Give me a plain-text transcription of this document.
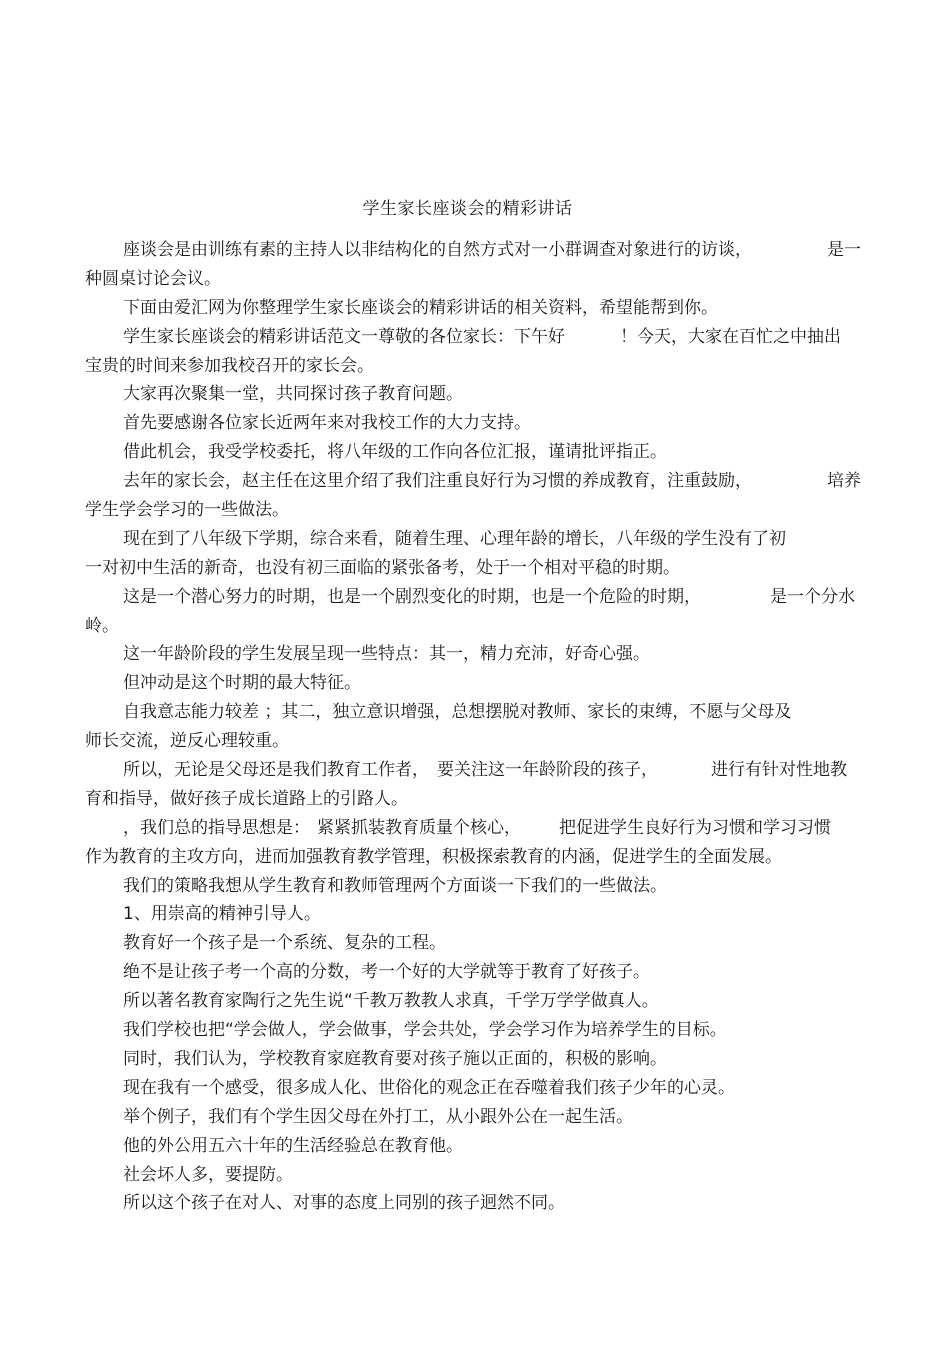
学生家长座谈会的精彩讲话
座谈会是由训练有素的主持人以非结构化的自然方式对一小群调查对象进行的访谈，	是一
种圆桌讨论会议。
下面由爱汇网为你整理学生家长座谈会的精彩讲话的相关资料，希望能帮到你。
学生家长座谈会的精彩讲话范文一尊敬的各位家长：下午好	！今天，大家在百忙之中抽出
宝贵的时间来参加我校召开的家长会。
大家再次聚集一堂，共同探讨孩子教育问题。
首先要感谢各位家长近两年来对我校工作的大力支持。
借此机会，我受学校委托，将八年级的工作向各位汇报，谨请批评指正。
去年的家长会，赵主任在这里介绍了我们注重良好行为习惯的养成教育，注重鼓励，	培养
学生学会学习的一些做法。
现在到了八年级下学期，综合来看，随着生理、心理年龄的增长，八年级的学生没有了初
一对初中生活的新奇，也没有初三面临的紧张备考，处于一个相对平稳的时期。
这是一个潜心努力的时期，也是一个剧烈变化的时期，也是一个危险的时期，	是一个分水
岭。
这一年龄阶段的学生发展呈现一些特点：其一，精力充沛，好奇心强。
但冲动是这个时期的最大特征。
自我意志能力较差 ；其二，独立意识增强，总想摆脱对教师、家长的束缚，不愿与父母及
师长交流，逆反心理较重。
所以，无论是父母还是我们教育工作者， 要关注这一年龄阶段的孩子，	进行有针对性地教
育和指导，做好孩子成长道路上的引路人。
，我们总的指导思想是： 紧紧抓装教育质量个核心， 把促进学生良好行为习惯和学习习惯
作为教育的主攻方向，进而加强教育教学管理，积极探索教育的内涵，促进学生的全面发展。
我们的策略我想从学生教育和教师管理两个方面谈一下我们的一些做法。
1、用崇高的精神引导人。
教育好一个孩子是一个系统、复杂的工程。
绝不是让孩子考一个高的分数，考一个好的大学就等于教育了好孩子。
所以著名教育家陶行之先生说“千教万教教人求真，千学万学学做真人。
我们学校也把“学会做人，学会做事，学会共处，学会学习作为培养学生的目标。
同时，我们认为，学校教育家庭教育要对孩子施以正面的，积极的影响。
现在我有一个感受，很多成人化、世俗化的观念正在吞噬着我们孩子少年的心灵。
举个例子，我们有个学生因父母在外打工，从小跟外公在一起生活。
他的外公用五六十年的生活经验总在教育他。
社会坏人多，要提防。
所以这个孩子在对人、对事的态度上同别的孩子迥然不同。
